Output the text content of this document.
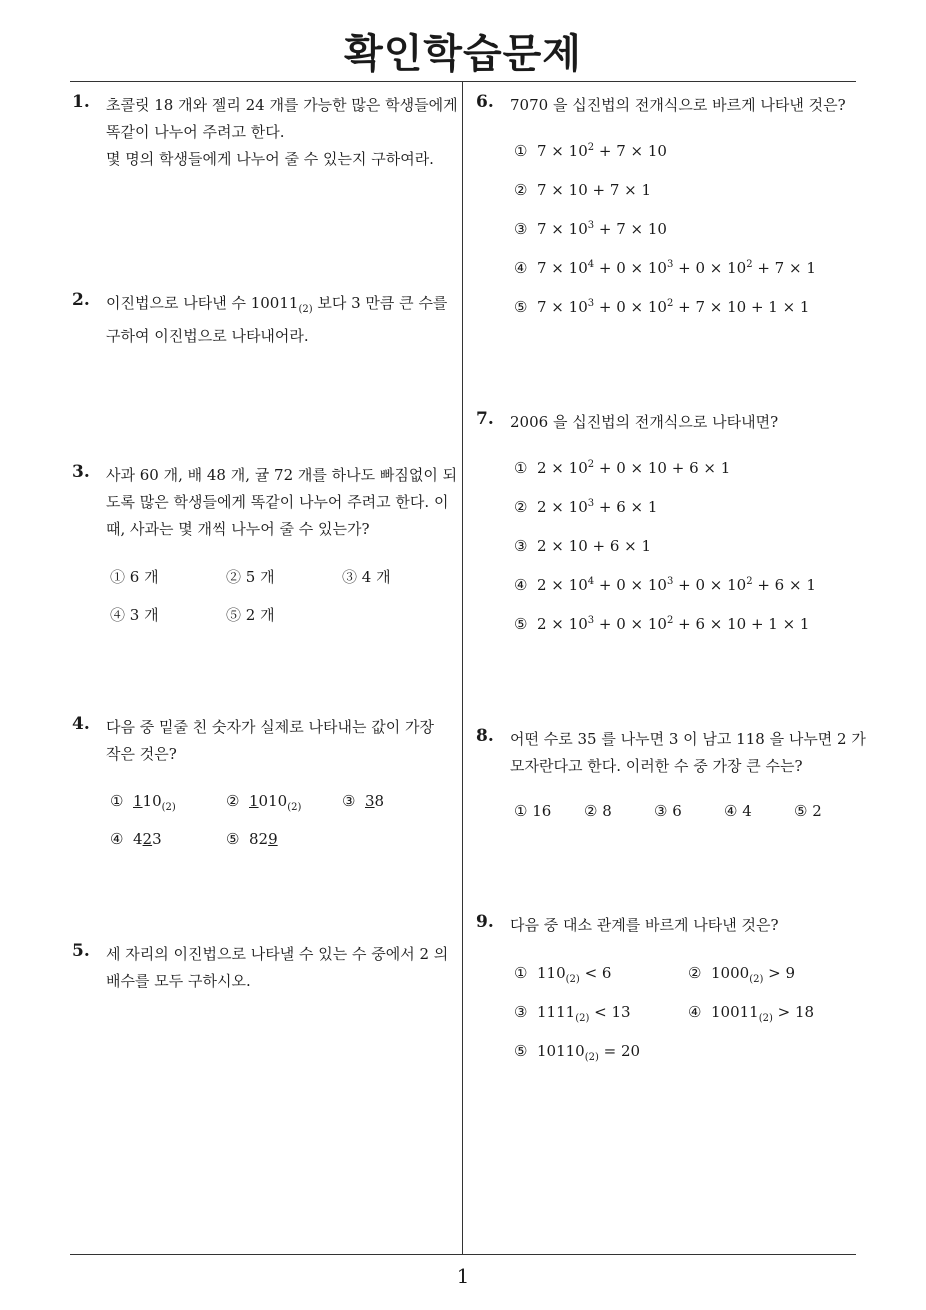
확인학습문제
1
1. 초콜릿 18 개와 젤리 24 개를 가능한 많은 학생들에게
똑같이 나누어 주려고 한다.
몇 명의 학생들에게 나누어 줄 수 있는지 구하여라.
2. 이진법으로 나타낸 수 $10011_{(2)}$ 보다 3 만큼 큰 수를
구하여 이진법으로 나타내어라.
3. 사과 60 개, 배 48 개, 귤 72 개를 하나도 빠짐없이 되
도록 많은 학생들에게 똑같이 나누어 주려고 한다. 이
때, 사과는 몇 개씩 나누어 줄 수 있는가?
① 6 개	② 5 개	③ 4 개
④ 3 개	⑤ 2 개
4. 다음 중 밑줄 친 숫자가 실제로 나타내는 값이 가장
작은 것은?
① $110_{(2)}$	② $1010_{(2)}$	③ 38
④ 423	⑤ 829
5. 세 자리의 이진법으로 나타낼 수 있는 수 중에서 2 의
배수를 모두 구하시오.
6. 7070 을 십진법의 전개식으로 바르게 나타낸 것은?
① $7 \times 10^2 + 7 \times 10$
② 7 × 10 + 7 × 1
③ $7 \times 10^3 + 7 \times 10$
④ $7 \times 10^4 + 0 \times 10^3 + 0 \times 10^2 + 7 \times 1$
⑤ $7 \times 10^3 + 0 \times 10^2 + 7 \times 10 + 1 \times 1$
7. 2006 을 십진법의 전개식으로 나타내면?
① $2 \times 10^2 + 0 \times 10 + 6 \times 1$
② $2 \times 10^3 + 6 \times 1$
③ 2 × 10 + 6 × 1
④ $2 \times 10^4 + 0 \times 10^3 + 0 \times 10^2 + 6 \times 1$
⑤ $2 \times 10^3 + 0 \times 10^2 + 6 \times 10 + 1 \times 1$
8. 어떤 수로 35 를 나누면 3 이 남고 118 을 나누면 2 가
모자란다고 한다. 이러한 수 중 가장 큰 수는?
① 16 ② 8	③ 6	④ 4	⑤ 2
9. 다음 중 대소 관계를 바르게 나타낸 것은?
① $110_{(2)} < 6$	② $1000_{(2)} > 9$
③ $1111_{(2)} < 13$	④ $10011_{(2)} > 18$
⑤ $10110_{(2)} = 20$
